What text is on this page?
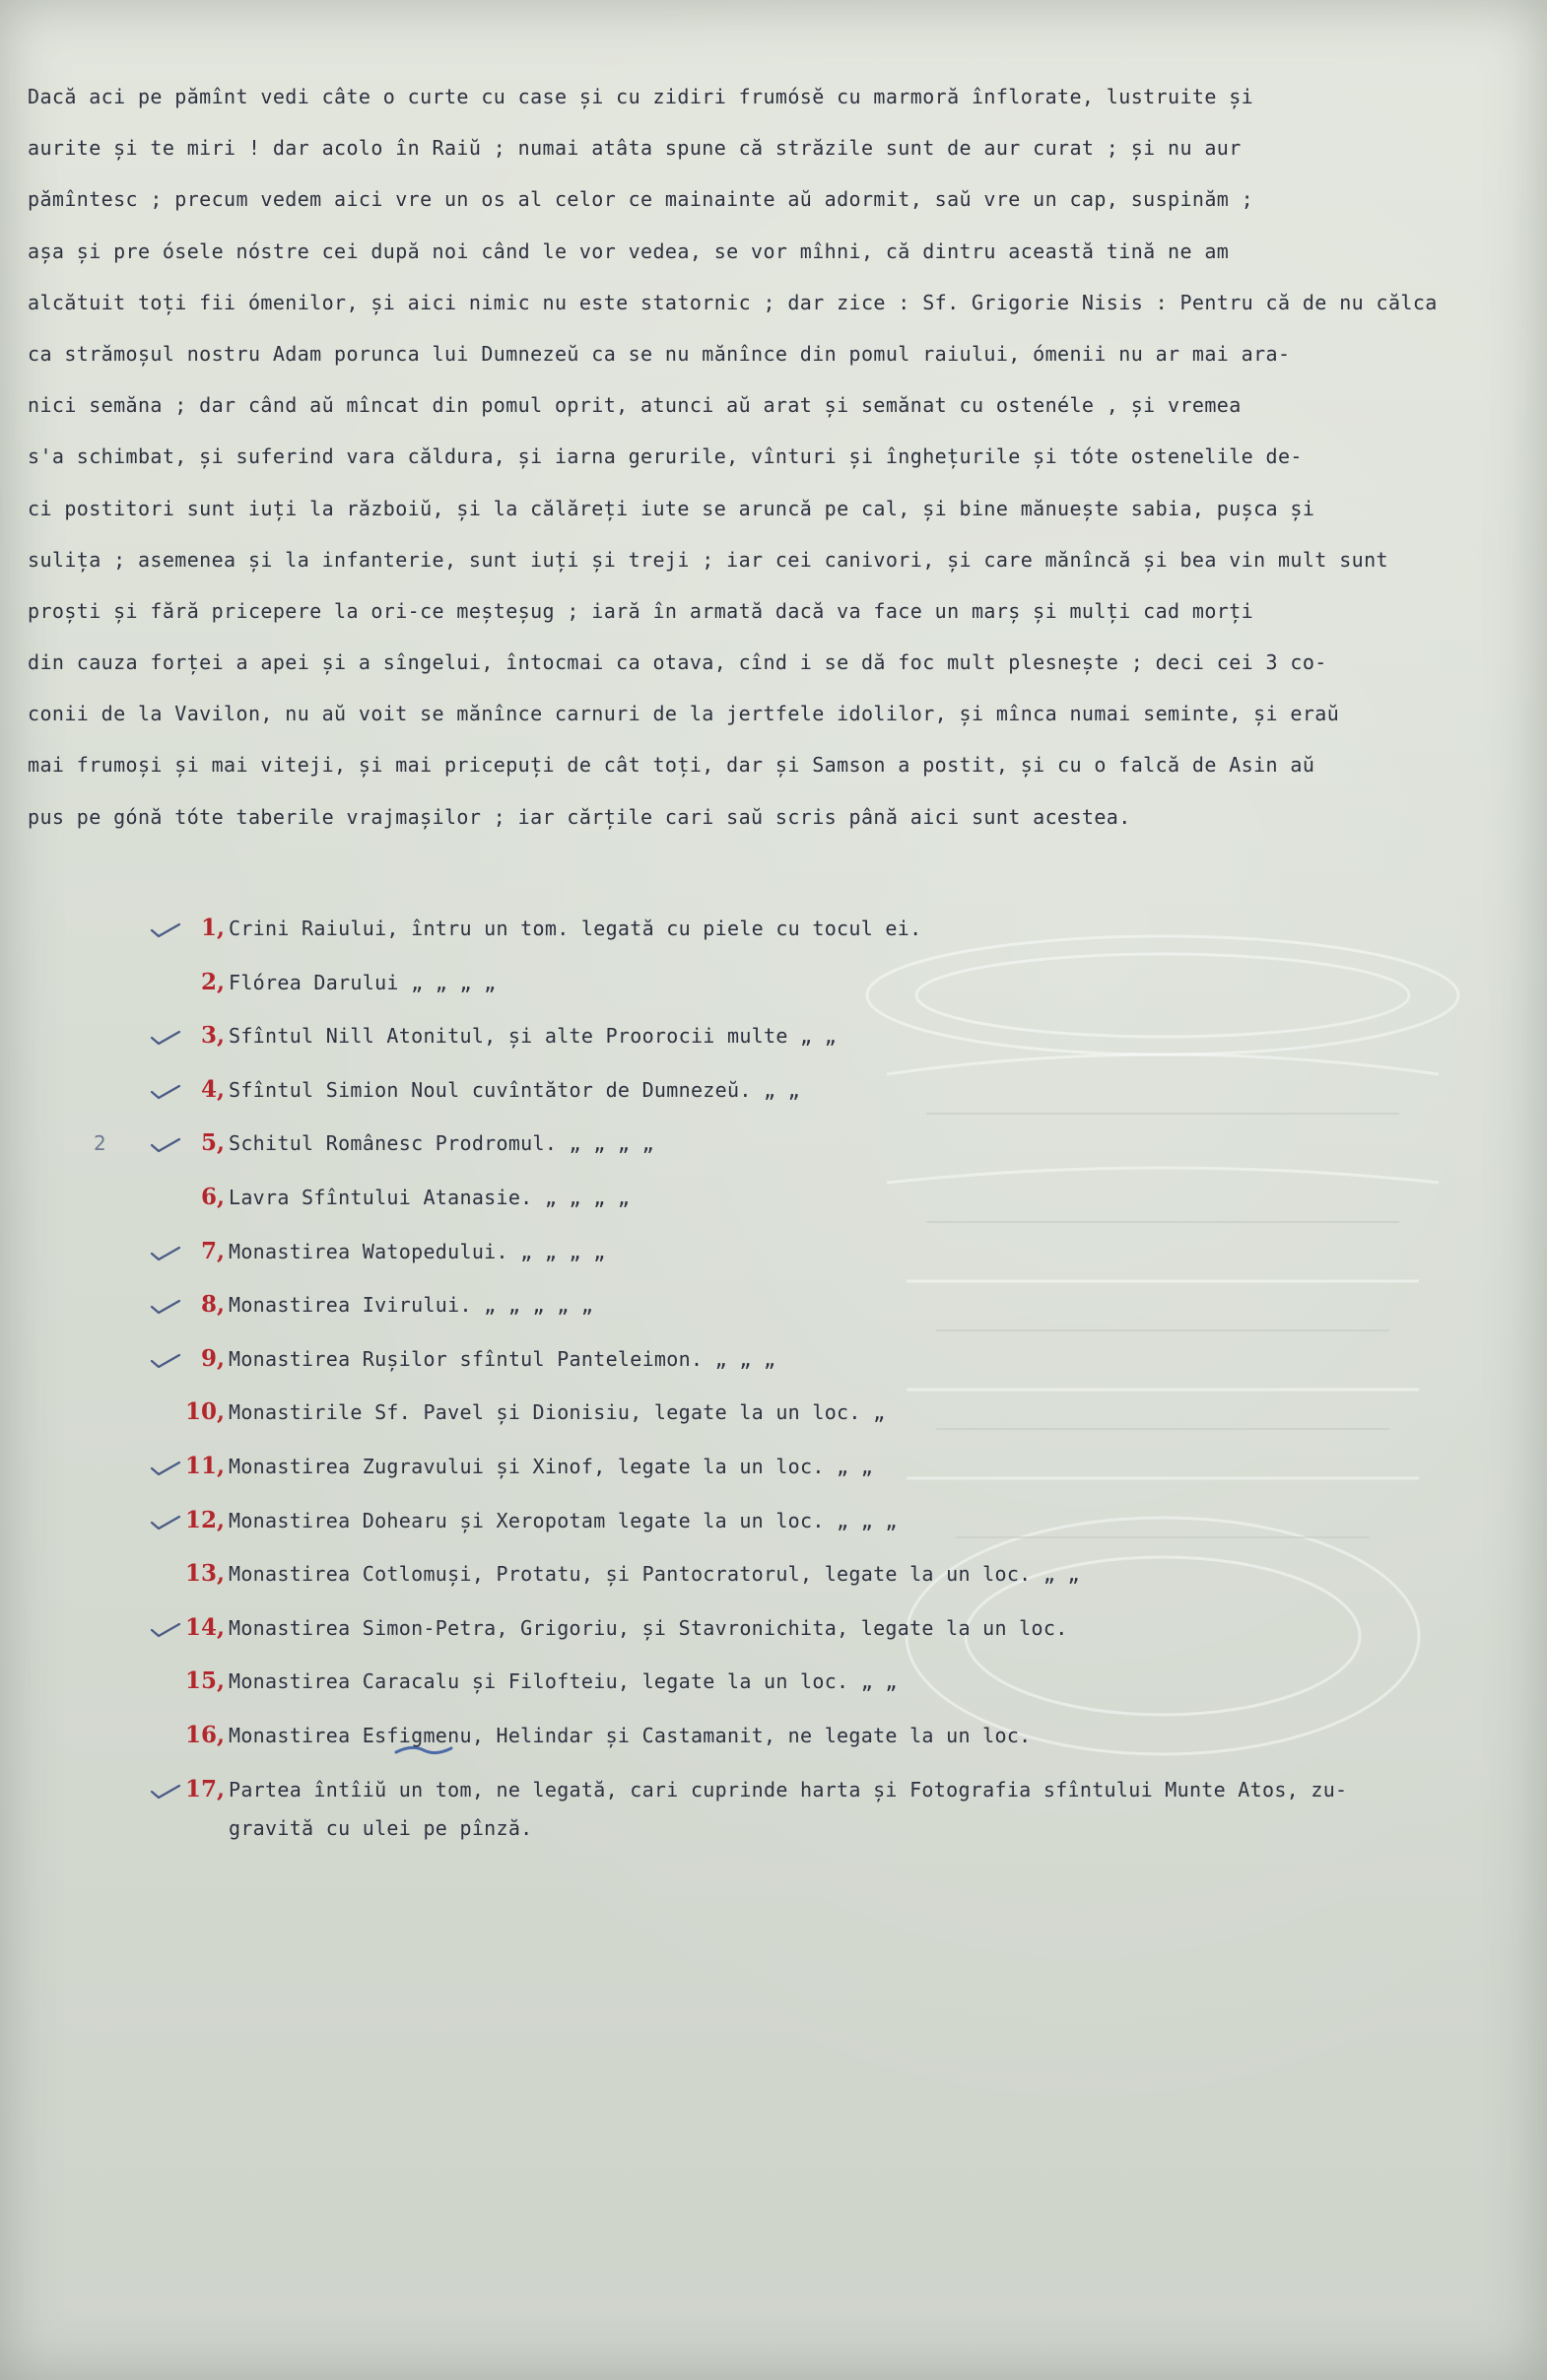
Dacă aci pe pămînt vedi câte o curte cu case și cu zidiri frumósĕ cu marmoră înflorate, lustruite și
aurite și te miri ! dar acolo în Raiŭ ; numai atâta spune că străzile sunt de aur curat ; și nu aur
pămîntesc ; precum vedem aici vre un os al celor ce mainainte aŭ adormit, saŭ vre un cap, suspinăm ;
așa și pre ósele nóstre cei după noi când le vor vedea, se vor mîhni, că dintru această tină ne am
alcătuit toți fii ómenilor, și aici nimic nu este statornic ; dar zice : Sf. Grigorie Nisis : Pentru că de nu călca
ca strămoșul nostru Adam porunca lui Dumnezeŭ ca se nu mănînce din pomul raiului, ómenii nu ar mai ara-
nici semăna ; dar când aŭ mîncat din pomul oprit, atunci aŭ arat și semănat cu ostenéle , și vremea
s'a schimbat, și suferind vara căldura, și iarna gerurile, vînturi și înghețurile și tóte ostenelile de-
ci postitori sunt iuți la războiŭ, și la călăreți iute se aruncă pe cal, și bine mănuește sabia, pușca și
sulița ; asemenea și la infanterie, sunt iuți și treji ; iar cei canivori, și care mănîncă și bea vin mult sunt
proști și fără pricepere la ori-ce meșteșug ; iară în armată dacă va face un marș și mulți cad morți
din cauza forței a apei și a sîngelui, întocmai ca otava, cînd i se dă foc mult plesnește ; deci cei 3 co-
conii de la Vavilon, nu aŭ voit se mănînce carnuri de la jertfele idolilor, și mînca numai seminte, și eraŭ
mai frumoși și mai viteji, și mai pricepuți de cât toți, dar și Samson a postit, și cu o falcă de Asin aŭ
pus pe gónă tóte taberile vrajmașilor ; iar cărțile cari saŭ scris până aici sunt acestea.
1, Crini Raiului, întru un tom. legată cu piele cu tocul ei.
2, Flórea Darului „ „ „ „
3, Sfîntul Nill Atonitul, și alte Proorocii multe „ „
4, Sfîntul Simion Noul cuvîntător de Dumnezeŭ. „ „
2	5, Schitul Românesc Prodromul. „ „ „ „
6, Lavra Sfîntului Atanasie. „ „ „ „
7, Monastirea Watopedului. „ „ „ „
8, Monastirea Ivirului. „ „ „ „ „
9, Monastirea Rușilor sfîntul Panteleimon. „ „ „
10, Monastirile Sf. Pavel și Dionisiu, legate la un loc. „
11, Monastirea Zugravului și Xinof, legate la un loc. „ „
12, Monastirea Dohearu și Xeropotam legate la un loc. „ „ „
13, Monastirea Cotlomuși, Protatu, și Pantocratorul, legate la un loc. „ „
14, Monastirea Simon-Petra, Grigoriu, și Stavronichita, legate la un loc.
15, Monastirea Caracalu și Filofteiu, legate la un loc. „ „
16, Monastirea Esfigmenu, Helindar și Castamanit, ne legate la un loc.
17, Partea întîiŭ un tom, ne legată, cari cuprinde harta și Fotografia sfîntului Munte Atos, zu-
gravită cu ulei pe pînză.
